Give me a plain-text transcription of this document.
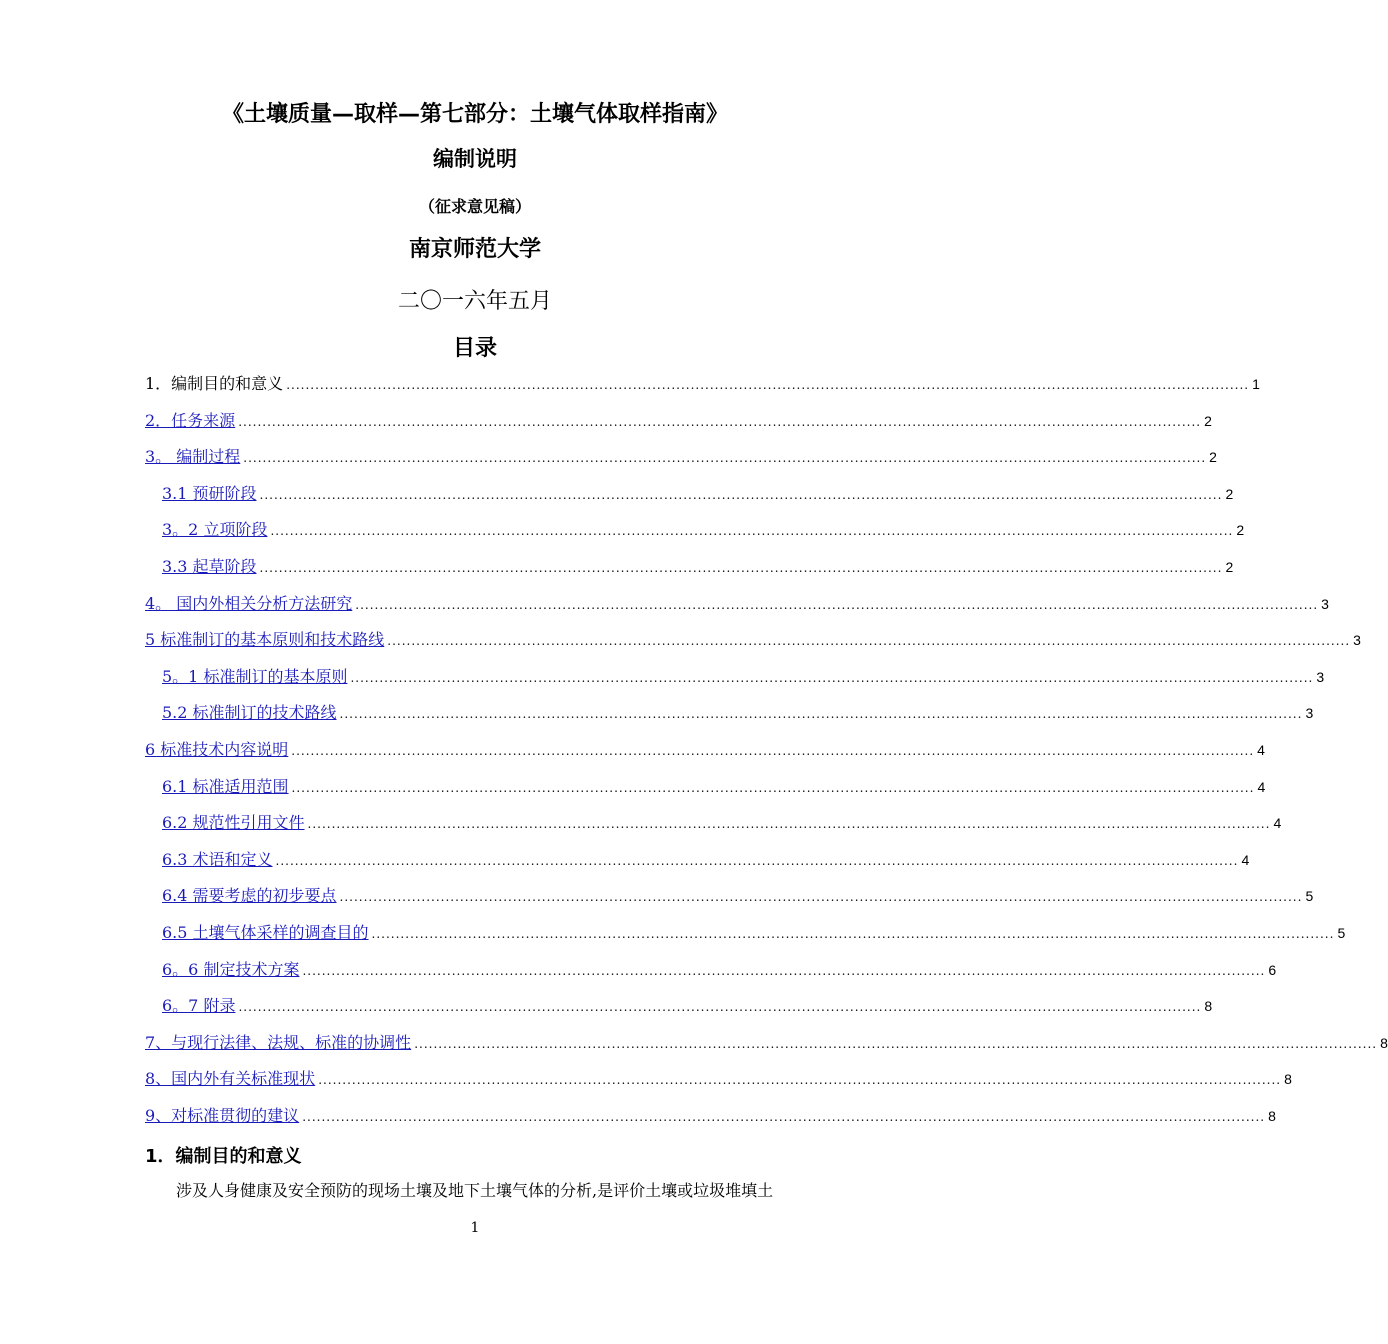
《土壤质量—取样—第七部分：土壤气体取样指南》
编制说明
（征求意见稿）
南京师范大学
二〇一六年五月
目录
1．编制目的和意义 ........................................................................................................................................................................................................ 1
2．任务来源 ........................................................................................................................................................................................................ 2
3。 编制过程 ........................................................................................................................................................................................................ 2
3.1 预研阶段 ........................................................................................................................................................................................................ 2
3。2 立项阶段 ........................................................................................................................................................................................................ 2
3.3 起草阶段 ........................................................................................................................................................................................................ 2
4。 国内外相关分析方法研究 ........................................................................................................................................................................................................ 3
5 标准制订的基本原则和技术路线 ........................................................................................................................................................................................................ 3
5。1 标准制订的基本原则 ........................................................................................................................................................................................................ 3
5.2 标准制订的技术路线 ........................................................................................................................................................................................................ 3
6 标准技术内容说明 ........................................................................................................................................................................................................ 4
6.1 标准适用范围 ........................................................................................................................................................................................................ 4
6.2 规范性引用文件 ........................................................................................................................................................................................................ 4
6.3 术语和定义 ........................................................................................................................................................................................................ 4
6.4 需要考虑的初步要点 ........................................................................................................................................................................................................ 5
6.5 土壤气体采样的调查目的 ........................................................................................................................................................................................................ 5
6。6 制定技术方案 ........................................................................................................................................................................................................ 6
6。7 附录 ........................................................................................................................................................................................................ 8
7、与现行法律、法规、标准的协调性 ........................................................................................................................................................................................................ 8
8、国内外有关标准现状 ........................................................................................................................................................................................................ 8
9、对标准贯彻的建议 ........................................................................................................................................................................................................ 8
1．编制目的和意义
涉及人身健康及安全预防的现场土壤及地下土壤气体的分析,是评价土壤或垃圾堆填土
1
